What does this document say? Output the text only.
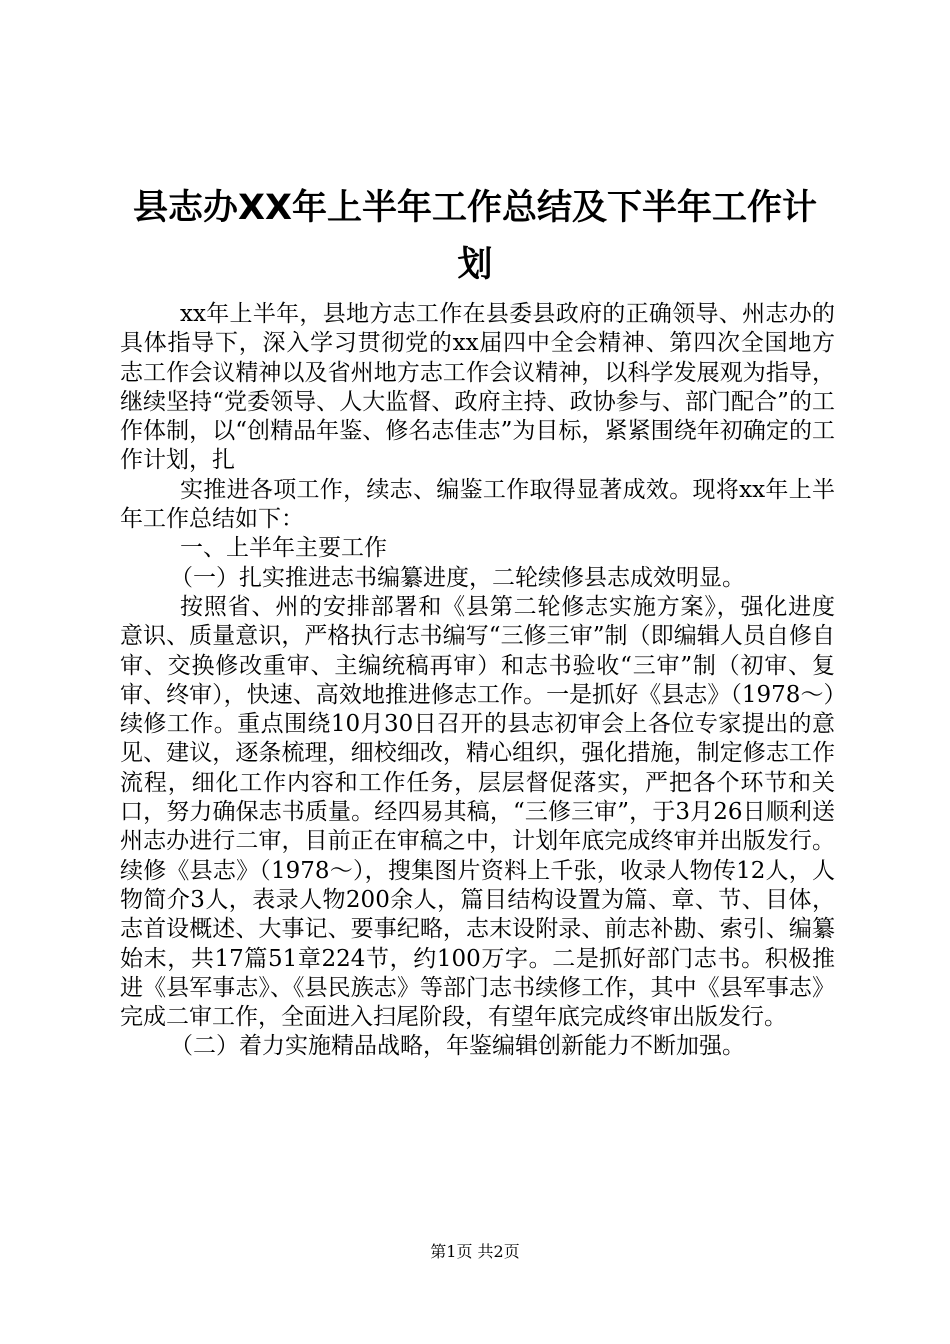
县志办XX年上半年工作总结及下半年工作计划

xx年上半年，县地方志工作在县委县政府的正确领导、州志办的具体指导下，深入学习贯彻党的xx届四中全会精神、第四次全国地方志工作会议精神以及省州地方志工作会议精神，以科学发展观为指导，继续坚持“党委领导、人大监督、政府主持、政协参与、部门配合”的工作体制，以“创精品年鉴、修名志佳志”为目标，紧紧围绕年初确定的工作计划，扎

实推进各项工作，续志、编鉴工作取得显著成效。现将xx年上半年工作总结如下：

一、上半年主要工作

（一）扎实推进志书编纂进度，二轮续修县志成效明显。

按照省、州的安排部署和《县第二轮修志实施方案》，强化进度意识、质量意识，严格执行志书编写“三修三审”制（即编辑人员自修自审、交换修改重审、主编统稿再审）和志书验收“三审”制（初审、复审、终审），快速、高效地推进修志工作。一是抓好《县志》（1978～）续修工作。重点围绕10月30日召开的县志初审会上各位专家提出的意见、建议，逐条梳理，细校细改，精心组织，强化措施，制定修志工作流程，细化工作内容和工作任务，层层督促落实，严把各个环节和关口，努力确保志书质量。经四易其稿，“三修三审”，于3月26日顺利送州志办进行二审，目前正在审稿之中，计划年底完成终审并出版发行。续修《县志》（1978～），搜集图片资料上千张，收录人物传12人，人物简介3人，表录人物200余人，篇目结构设置为篇、章、节、目体，志首设概述、大事记、要事纪略，志末设附录、前志补勘、索引、编纂始末，共17篇51章224节，约100万字。二是抓好部门志书。积极推进《县军事志》、《县民族志》等部门志书续修工作，其中《县军事志》完成二审工作，全面进入扫尾阶段，有望年底完成终审出版发行。

（二）着力实施精品战略，年鉴编辑创新能力不断加强。

第1页 共2页
